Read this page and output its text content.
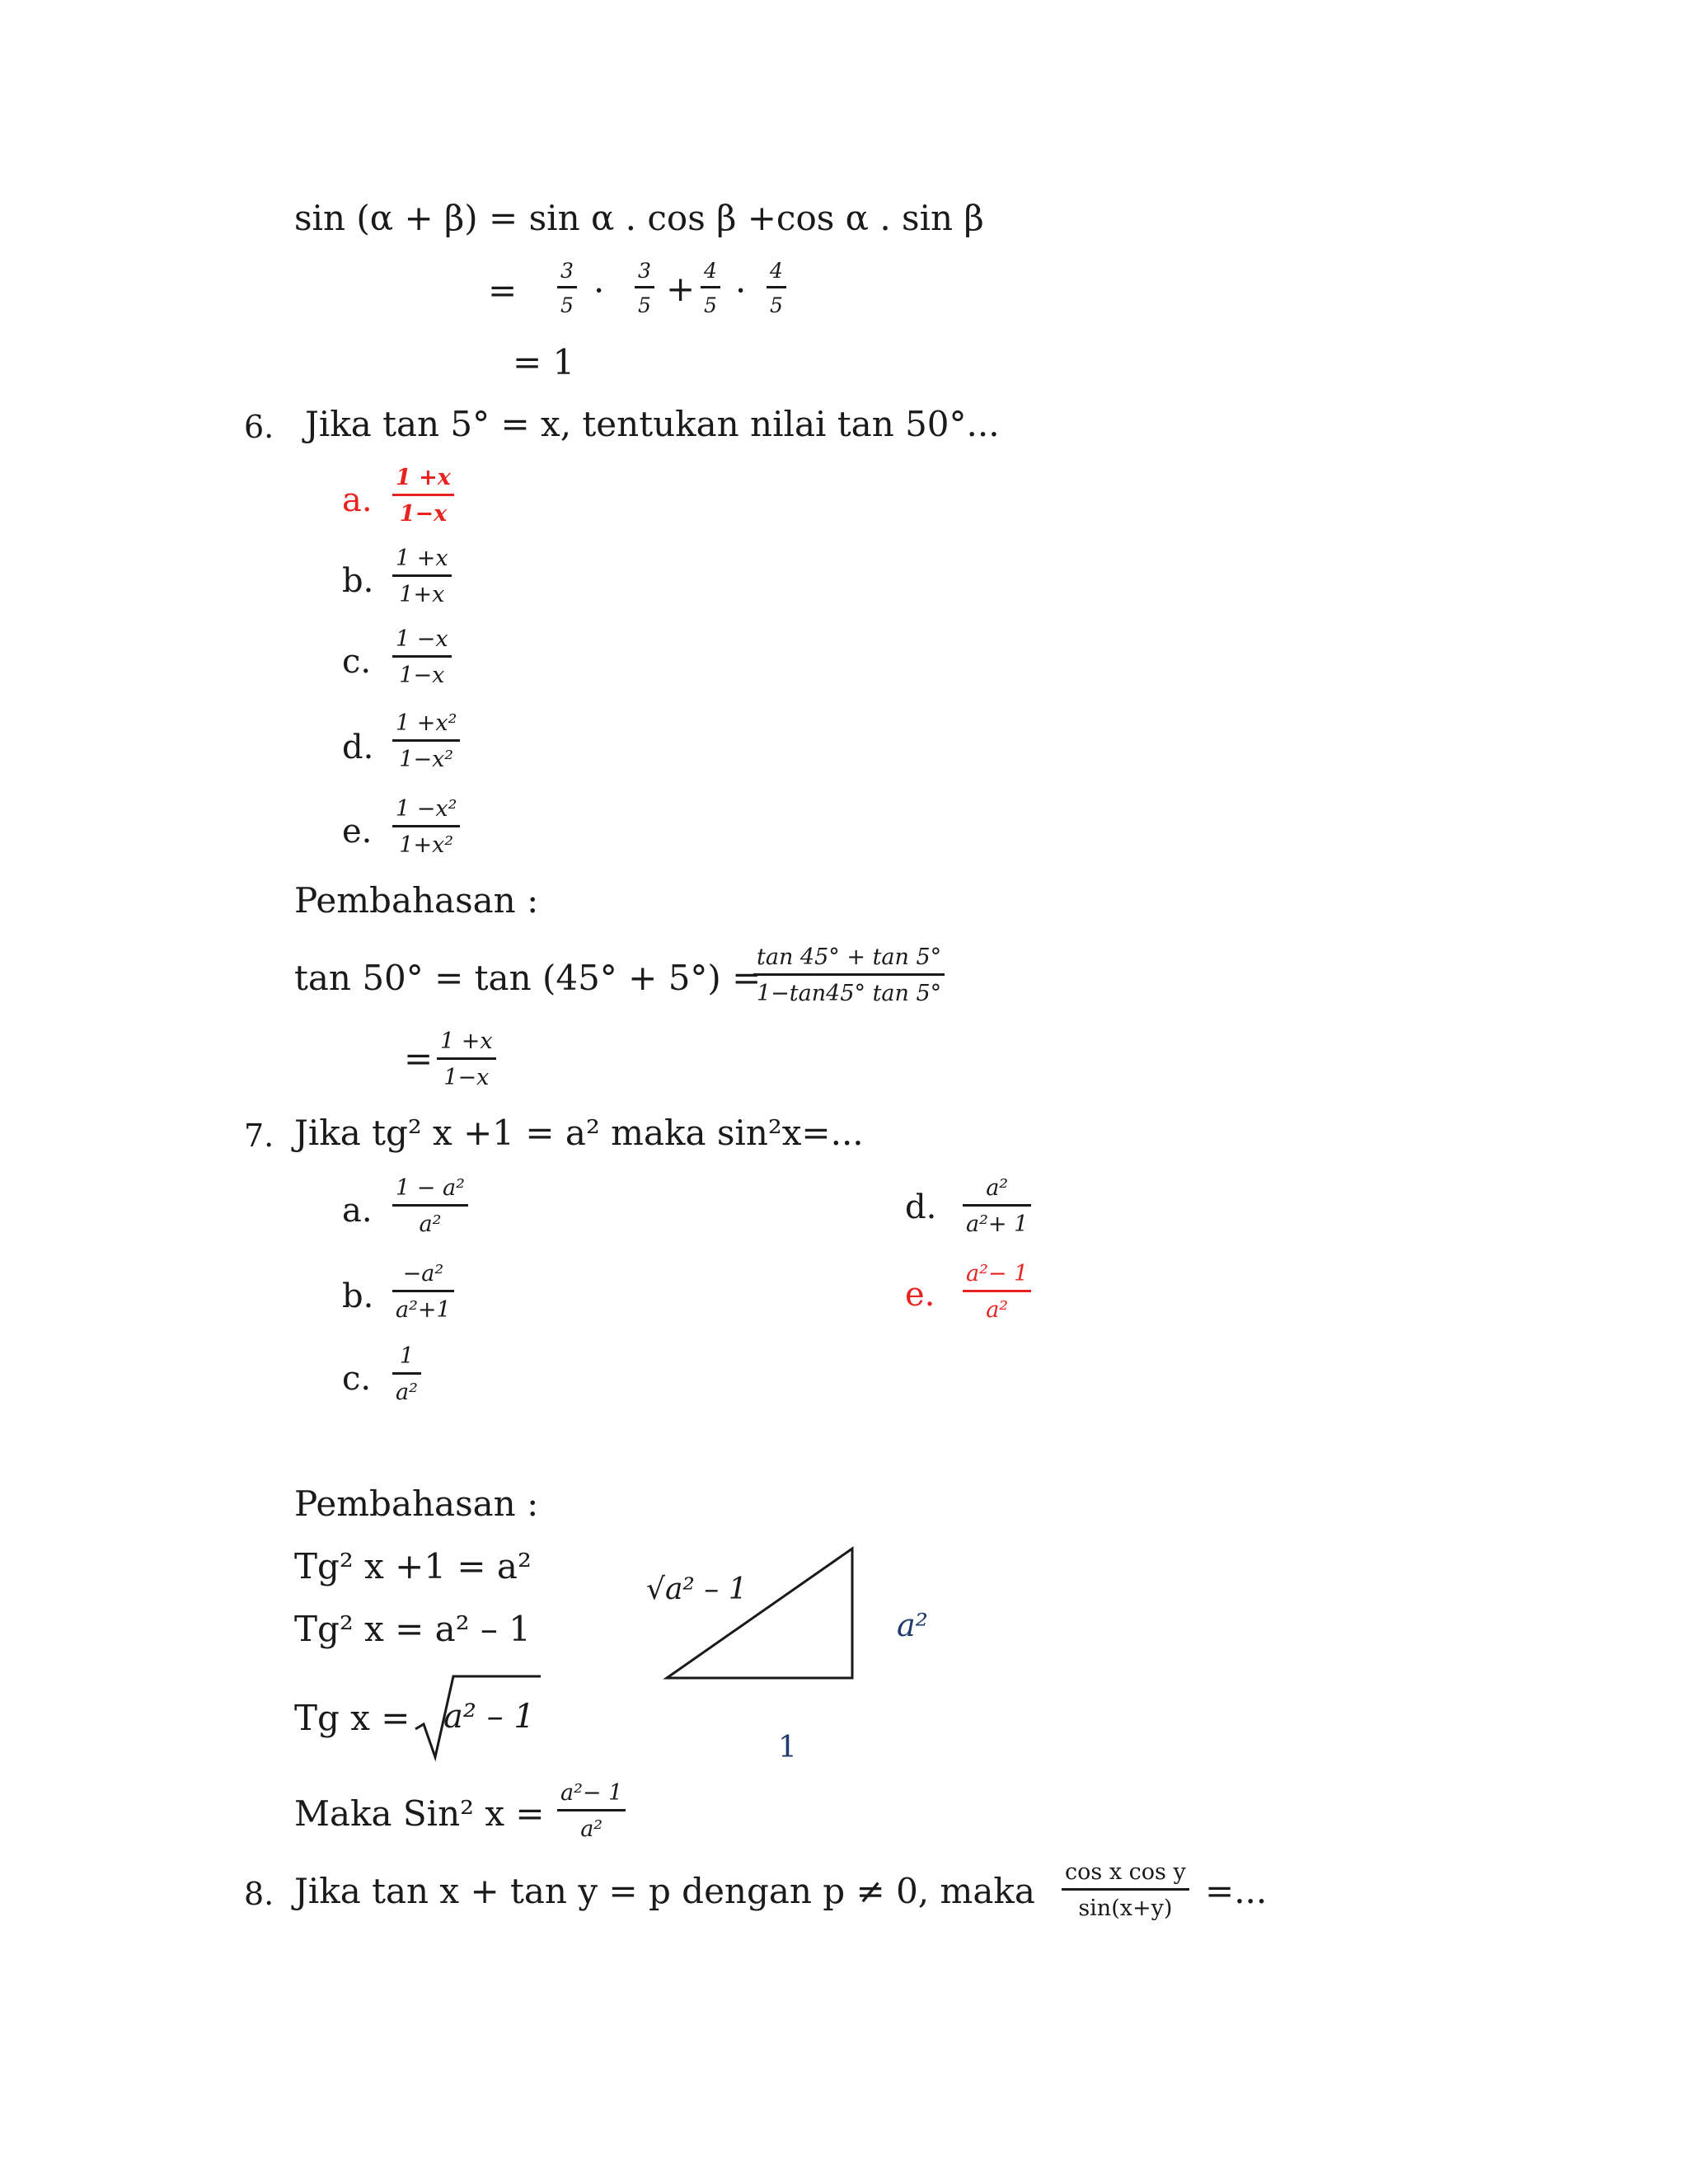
sin (α + β) = sin α . cos β +cos α . sin β
= 3
5 · 3
5 + 4
5 · 4
5
= 1
6. Jika tan 5° = x, tentukan nilai tan 50°...
a.
1 +x
1−x
b.
1 +x
1+x
c.
1 −x
1−x
d.
1 +x²
1−x²
e.
1 −x²
1+x²
Pembahasan :
tan 50° = tan (45° + 5°) =
tan 45° + tan 5°
1−tan45° tan 5°
= 1 +x
1−x
7. Jika tg² x +1 = a² maka sin²x=...
a.
1 − a²
a²
b.
−a²
a²+1
c.
1
a²
d.
a²
a²+ 1
e.
a²− 1
a²
Pembahasan :
Tg² x +1 = a²
Tg² x = a² – 1
Tg x = a² – 1
√a² – 1
a²
1
Maka Sin² x =
a²− 1
a²
8. Jika tan x + tan y = p dengan p ≠ 0, maka cos x cos y
sin(x+y) =...
